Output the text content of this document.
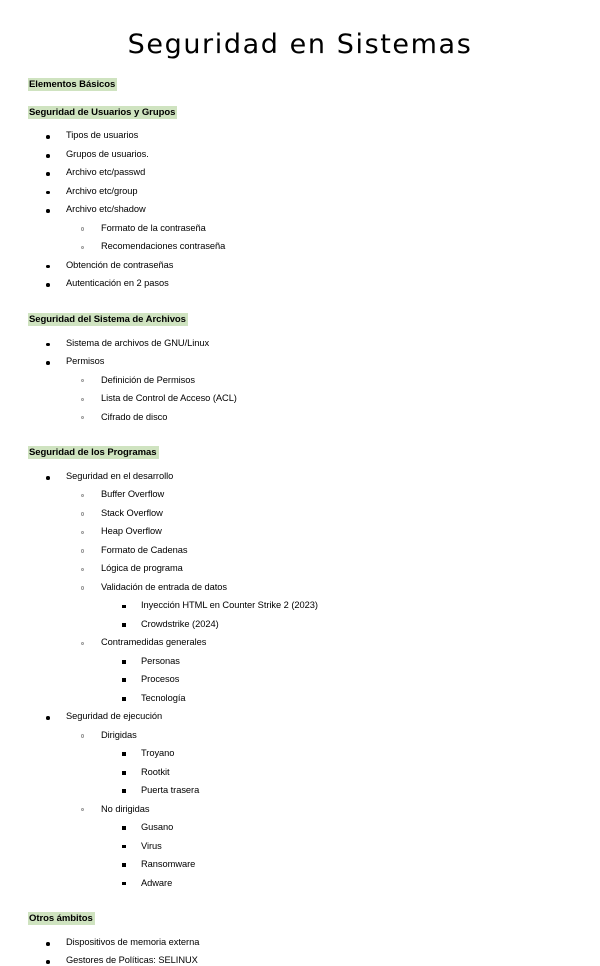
Seguridad en Sistemas
Elementos Básicos
Seguridad de Usuarios y Grupos
Tipos de usuarios
Grupos de usuarios.
Archivo etc/passwd
Archivo etc/group
Archivo etc/shadow
Formato de la contraseña
Recomendaciones contraseña
Obtención de contraseñas
Autenticación en 2 pasos
Seguridad del Sistema de Archivos
Sistema de archivos de GNU/Linux
Permisos
Definición de Permisos
Lista de Control de Acceso (ACL)
Cifrado de disco
Seguridad de los Programas
Seguridad en el desarrollo
Buffer Overflow
Stack Overflow
Heap Overflow
Formato de Cadenas
Lógica de programa
Validación de entrada de datos
Inyección HTML en Counter Strike 2 (2023)
Crowdstrike (2024)
Contramedidas generales
Personas
Procesos
Tecnología
Seguridad de ejecución
Dirigidas
Troyano
Rootkit
Puerta trasera
No dirigidas
Gusano
Virus
Ransomware
Adware
Otros ámbitos
Dispositivos de memoria externa
Gestores de Políticas: SELINUX
